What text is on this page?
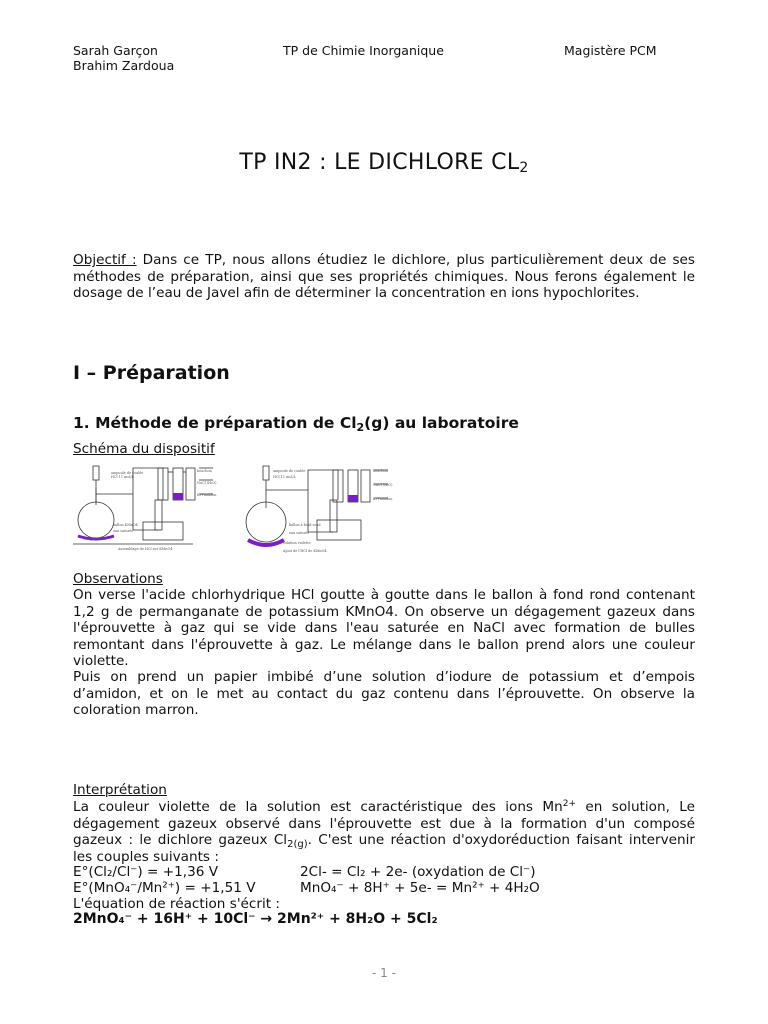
Sarah Garçon
Brahim Zardoua
TP de Chimie Inorganique	Magistère PCM
TP IN2 : LE DICHLORE $CL_2$
Objectif : Dans ce TP, nous allons étudiez le dichlore, plus particulièrement deux de ses méthodes de préparation, ainsi que ses propriétés chimiques. Nous ferons également le dosage de l’eau de Javel afin de déterminer la concentration en ions hypochlorites.
I – Préparation
1. Méthode de préparation de $Cl_2(g)$ au laboratoire
Schéma du dispositif
ampoule de coulée
HCl 11 mol/L
bouchon
NaCl (H₂O)
KI+amidon
ballon KMnO4
eau saturée
1,2 g KMnO4
Assemblage de HCl sur KMnO4
ampoule de coulée
HCl 11 mol/L
bouchon
NaCl (H₂O)
KI+amidon
ballon à fond rond
eau saturée
solution violette
Ajout de l'HCl de KMnO4
Observations
On verse l'acide chlorhydrique HCl goutte à goutte dans le ballon à fond rond contenant 1,2 g de permanganate de potassium KMnO4. On observe un dégagement gazeux dans l'éprouvette à gaz qui se vide dans l'eau saturée en NaCl avec formation de bulles remontant dans l'éprouvette à gaz. Le mélange dans le ballon prend alors une couleur violette.
Puis on prend un papier imbibé d’une solution d’iodure de potassium et d’empois d’amidon, et on le met au contact du gaz contenu dans l’éprouvette. On observe la coloration marron.
Interprétation
La couleur violette de la solution est caractéristique des ions $Mn^{2+}$ en solution, Le dégagement gazeux observé dans l'éprouvette est due à la formation d'un composé gazeux : le dichlore gazeux $Cl_{2(g)}$. C'est une réaction d'oxydoréduction faisant intervenir les couples suivants :
E°(Cl₂/Cl⁻) = +1,36 V	2Cl- = Cl₂ + 2e- (oxydation de Cl⁻)
E°(MnO₄⁻/Mn²⁺) = +1,51 V	MnO₄⁻ + 8H⁺ + 5e- = Mn²⁺ + 4H₂O
L'équation de réaction s'écrit :
2MnO₄⁻ + 16H⁺ + 10Cl⁻ → 2Mn²⁺ + 8H₂O + 5Cl₂
- 1 -
